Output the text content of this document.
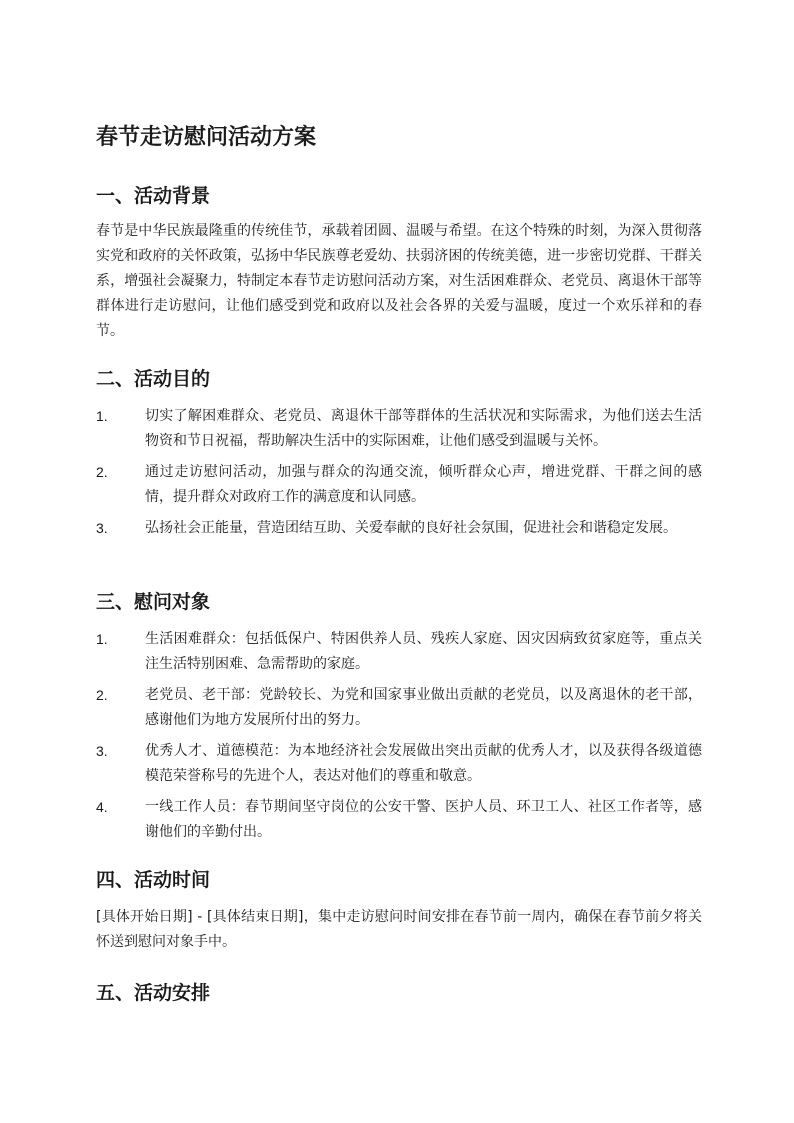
春节走访慰问活动方案
一、活动背景

春节是中华民族最隆重的传统佳节，承载着团圆、温暖与希望。在这个特殊的时刻，为深入贯彻落实党和政府的关怀政策，弘扬中华民族尊老爱幼、扶弱济困的传统美德，进一步密切党群、干群关系，增强社会凝聚力，特制定本春节走访慰问活动方案，对生活困难群众、老党员、离退休干部等群体进行走访慰问，让他们感受到党和政府以及社会各界的关爱与温暖，度过一个欢乐祥和的春节。

二、活动目的
1.	切实了解困难群众、老党员、离退休干部等群体的生活状况和实际需求，为他们送去生活物资和节日祝福，帮助解决生活中的实际困难，让他们感受到温暖与关怀。
2.	通过走访慰问活动，加强与群众的沟通交流，倾听群众心声，增进党群、干群之间的感情，提升群众对政府工作的满意度和认同感。
3.	弘扬社会正能量，营造团结互助、关爱奉献的良好社会氛围，促进社会和谐稳定发展。
三、慰问对象
1.	生活困难群众：包括低保户、特困供养人员、残疾人家庭、因灾因病致贫家庭等，重点关注生活特别困难、急需帮助的家庭。
2.	老党员、老干部：党龄较长、为党和国家事业做出贡献的老党员，以及离退休的老干部，感谢他们为地方发展所付出的努力。
3.	优秀人才、道德模范：为本地经济社会发展做出突出贡献的优秀人才，以及获得各级道德模范荣誉称号的先进个人，表达对他们的尊重和敬意。
4.	一线工作人员：春节期间坚守岗位的公安干警、医护人员、环卫工人、社区工作者等，感谢他们的辛勤付出。
四、活动时间

[具体开始日期] - [具体结束日期]，集中走访慰问时间安排在春节前一周内，确保在春节前夕将关怀送到慰问对象手中。

五、活动安排
